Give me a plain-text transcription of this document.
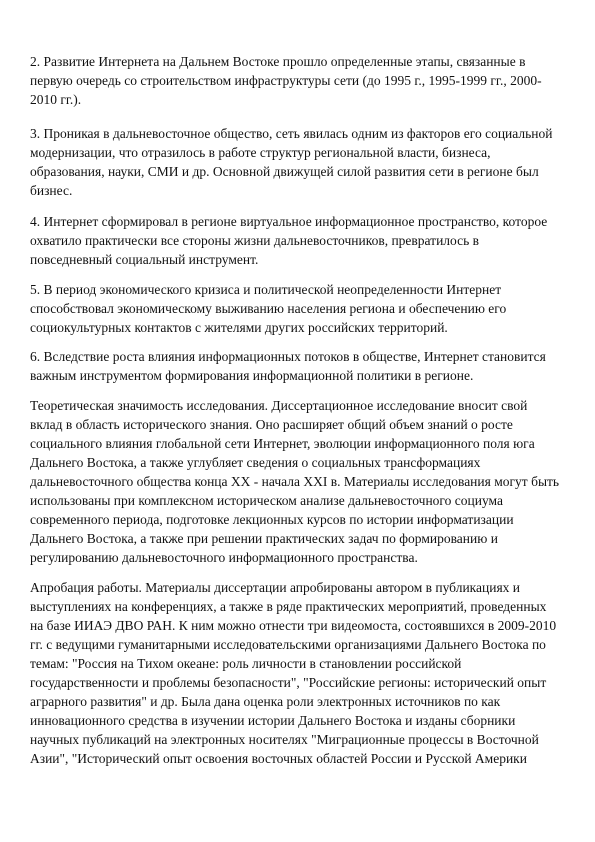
2. Развитие Интернета на Дальнем Востоке прошло определенные этапы, связанные в
первую очередь со строительством инфраструктуры сети (до 1995 г., 1995-1999 гг., 2000-
2010 гг.).

3. Проникая в дальневосточное общество, сеть явилась одним из факторов его социальной
модернизации, что отразилось в работе структур региональной власти, бизнеса,
образования, науки, СМИ и др. Основной движущей силой развития сети в регионе был
бизнес.

4. Интернет сформировал в регионе виртуальное информационное пространство, которое
охватило практически все стороны жизни дальневосточников, превратилось в
повседневный социальный инструмент.

5. В период экономического кризиса и политической неопределенности Интернет
способствовал экономическому выживанию населения региона и обеспечению его
социокультурных контактов с жителями других российских территорий.

6. Вследствие роста влияния информационных потоков в обществе, Интернет становится
важным инструментом формирования информационной политики в регионе.

Теоретическая значимость исследования. Диссертационное исследование вносит свой
вклад в область исторического знания. Оно расширяет общий объем знаний о росте
социального влияния глобальной сети Интернет, эволюции информационного поля юга
Дальнего Востока, а также углубляет сведения о социальных трансформациях
дальневосточного общества конца XX - начала XXI в. Материалы исследования могут быть
использованы при комплексном историческом анализе дальневосточного социума
современного периода, подготовке лекционных курсов по истории информатизации
Дальнего Востока, а также при решении практических задач по формированию и
регулированию дальневосточного информационного пространства.

Апробация работы. Материалы диссертации апробированы автором в публикациях и
выступлениях на конференциях, а также в ряде практических мероприятий, проведенных
на базе ИИАЭ ДВО РАН. К ним можно отнести три видеомоста, состоявшихся в 2009-2010
гг. с ведущими гуманитарными исследовательскими организациями Дальнего Востока по
темам: "Россия на Тихом океане: роль личности в становлении российской
государственности и проблемы безопасности", "Российские регионы: исторический опыт
аграрного развития" и др. Была дана оценка роли электронных источников по как
инновационного средства в изучении истории Дальнего Востока и изданы сборники
научных публикаций на электронных носителях "Миграционные процессы в Восточной
Азии", "Исторический опыт освоения восточных областей России и Русской Америки
